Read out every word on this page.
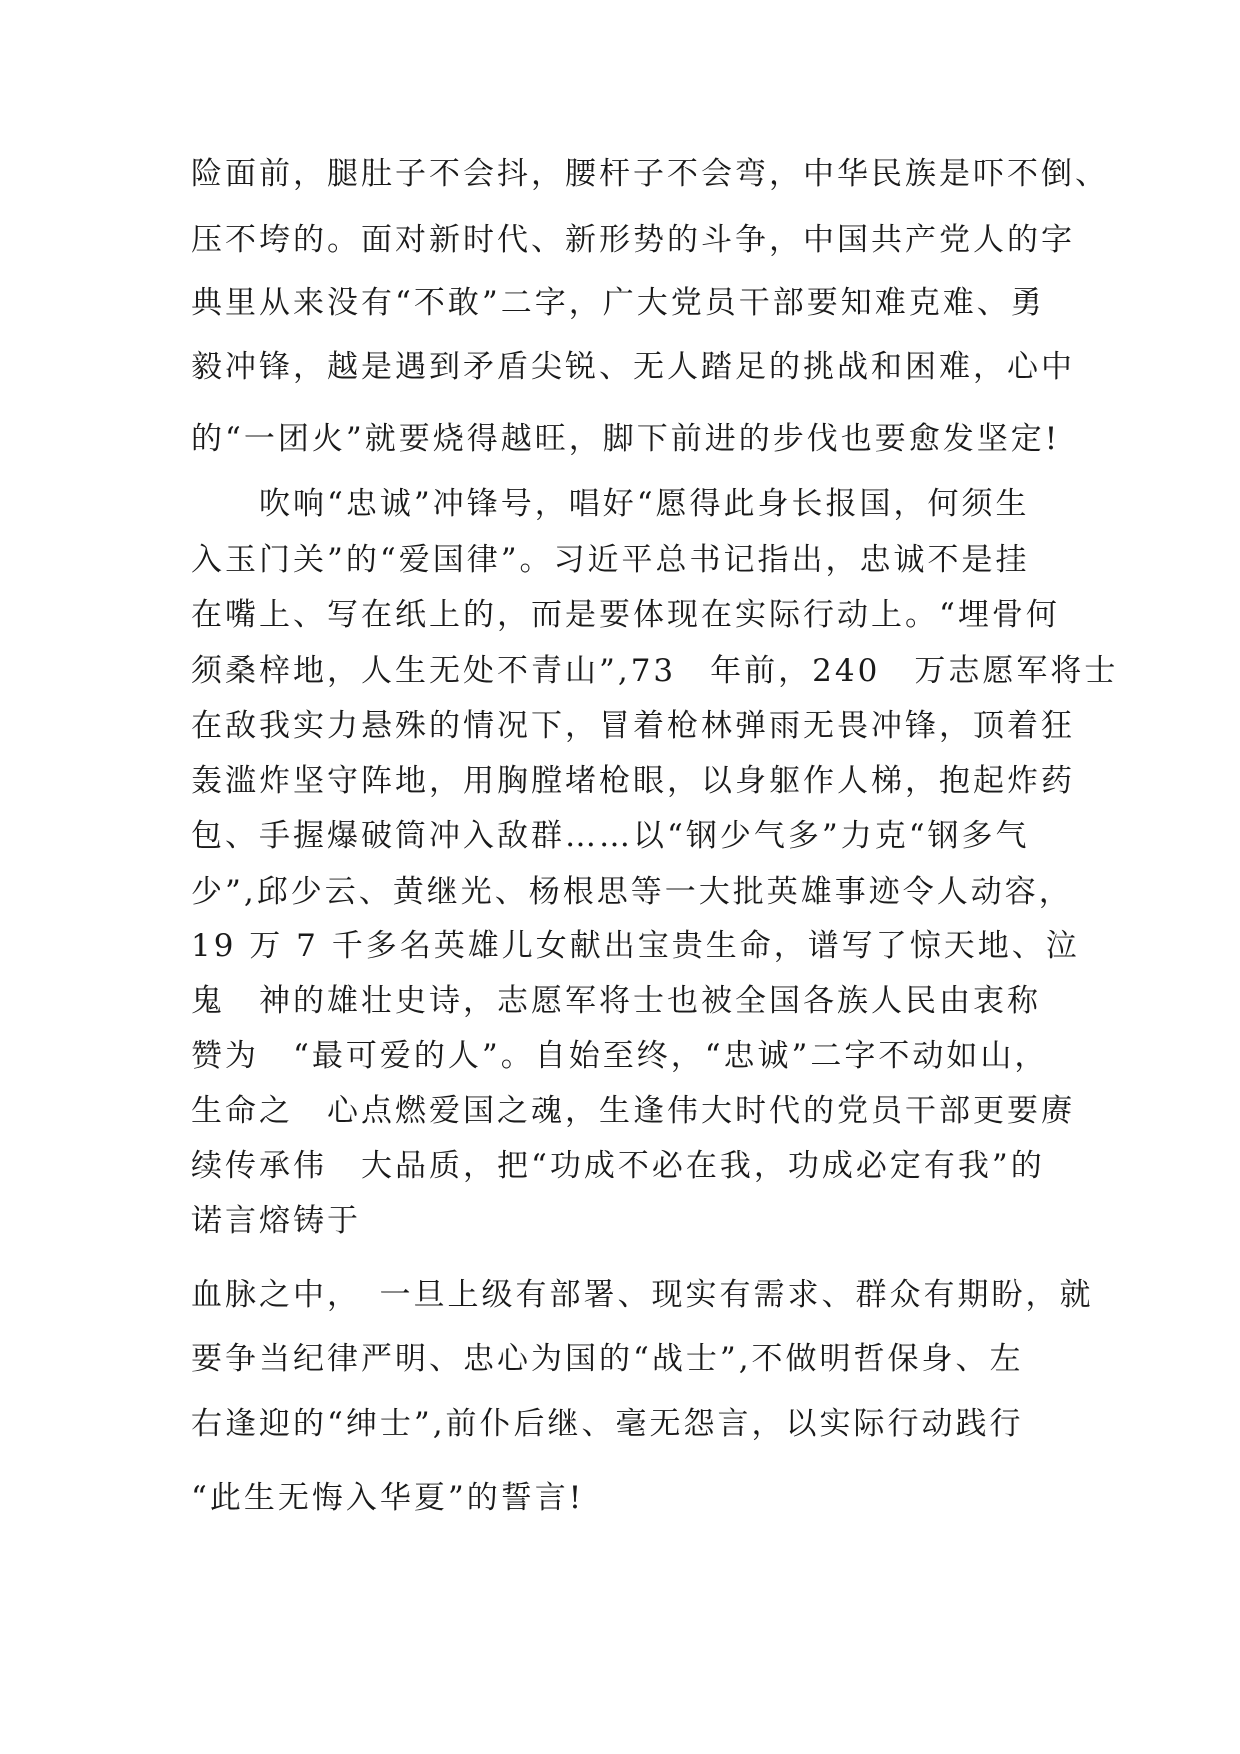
险面前，腿肚子不会抖，腰杆子不会弯，中华民族是吓不倒、
压不垮的。面对新时代、新形势的斗争，中国共产党人的字
典里从来没有“不敢”二字，广大党员干部要知难克难、勇
毅冲锋，越是遇到矛盾尖锐、无人踏足的挑战和困难，心中
的“一团火”就要烧得越旺，脚下前进的步伐也要愈发坚定!
　　吹响“忠诚”冲锋号，唱好“愿得此身长报国，何须生
入玉门关”的“爱国律”。习近平总书记指出，忠诚不是挂
在嘴上、写在纸上的，而是要体现在实际行动上。“埋骨何
须桑梓地，人生无处不青山”,73　年前，240　万志愿军将士
在敌我实力悬殊的情况下，冒着枪林弹雨无畏冲锋，顶着狂
轰滥炸坚守阵地，用胸膛堵枪眼，以身躯作人梯，抱起炸药
包、手握爆破筒冲入敌群……以“钢少气多”力克“钢多气
少”,邱少云、黄继光、杨根思等一大批英雄事迹令人动容，
19 万 7 千多名英雄儿女献出宝贵生命，谱写了惊天地、泣
鬼　神的雄壮史诗，志愿军将士也被全国各族人民由衷称
赞为　“最可爱的人”。自始至终，“忠诚”二字不动如山，
生命之　心点燃爱国之魂，生逢伟大时代的党员干部更要赓
续传承伟　大品质，把“功成不必在我，功成必定有我”的
诺言熔铸于
血脉之中，　一旦上级有部署、现实有需求、群众有期盼，就
要争当纪律严明、忠心为国的“战士”,不做明哲保身、左
右逢迎的“绅士”,前仆后继、毫无怨言，以实际行动践行
“此生无悔入华夏”的誓言!
